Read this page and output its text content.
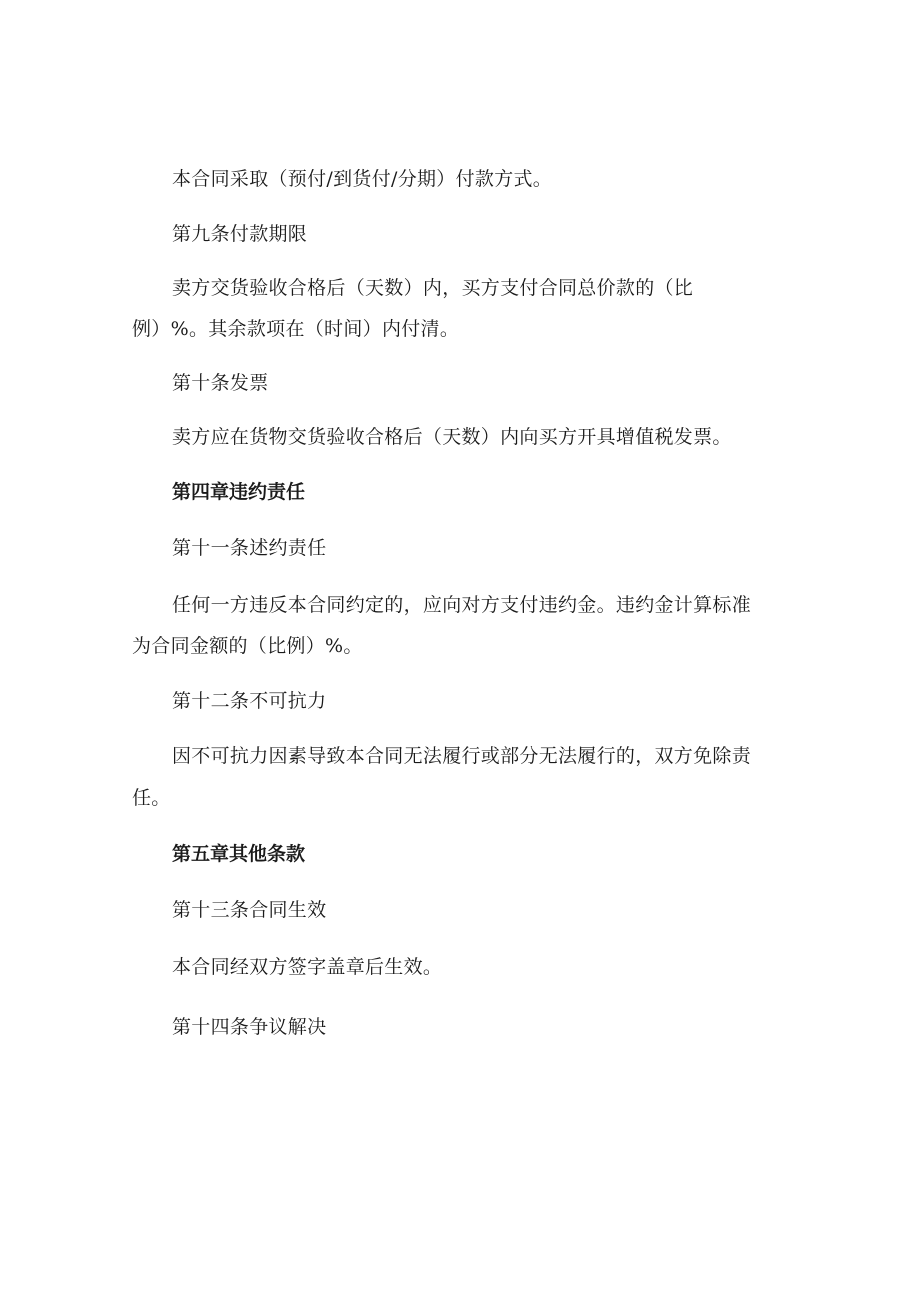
本合同采取（预付/到货付/分期）付款方式。

第九条付款期限

卖方交货验收合格后（天数）内，买方支付合同总价款的（比

例）%。其余款项在（时间）内付清。

第十条发票

卖方应在货物交货验收合格后（天数）内向买方开具增值税发票。

第四章违约责任

第十一条述约责任

任何一方违反本合同约定的，应向对方支付违约金。违约金计算标准

为合同金额的（比例）%。

第十二条不可抗力

因不可抗力因素导致本合同无法履行或部分无法履行的，双方免除责

任。

第五章其他条款

第十三条合同生效

本合同经双方签字盖章后生效。

第十四条争议解决
